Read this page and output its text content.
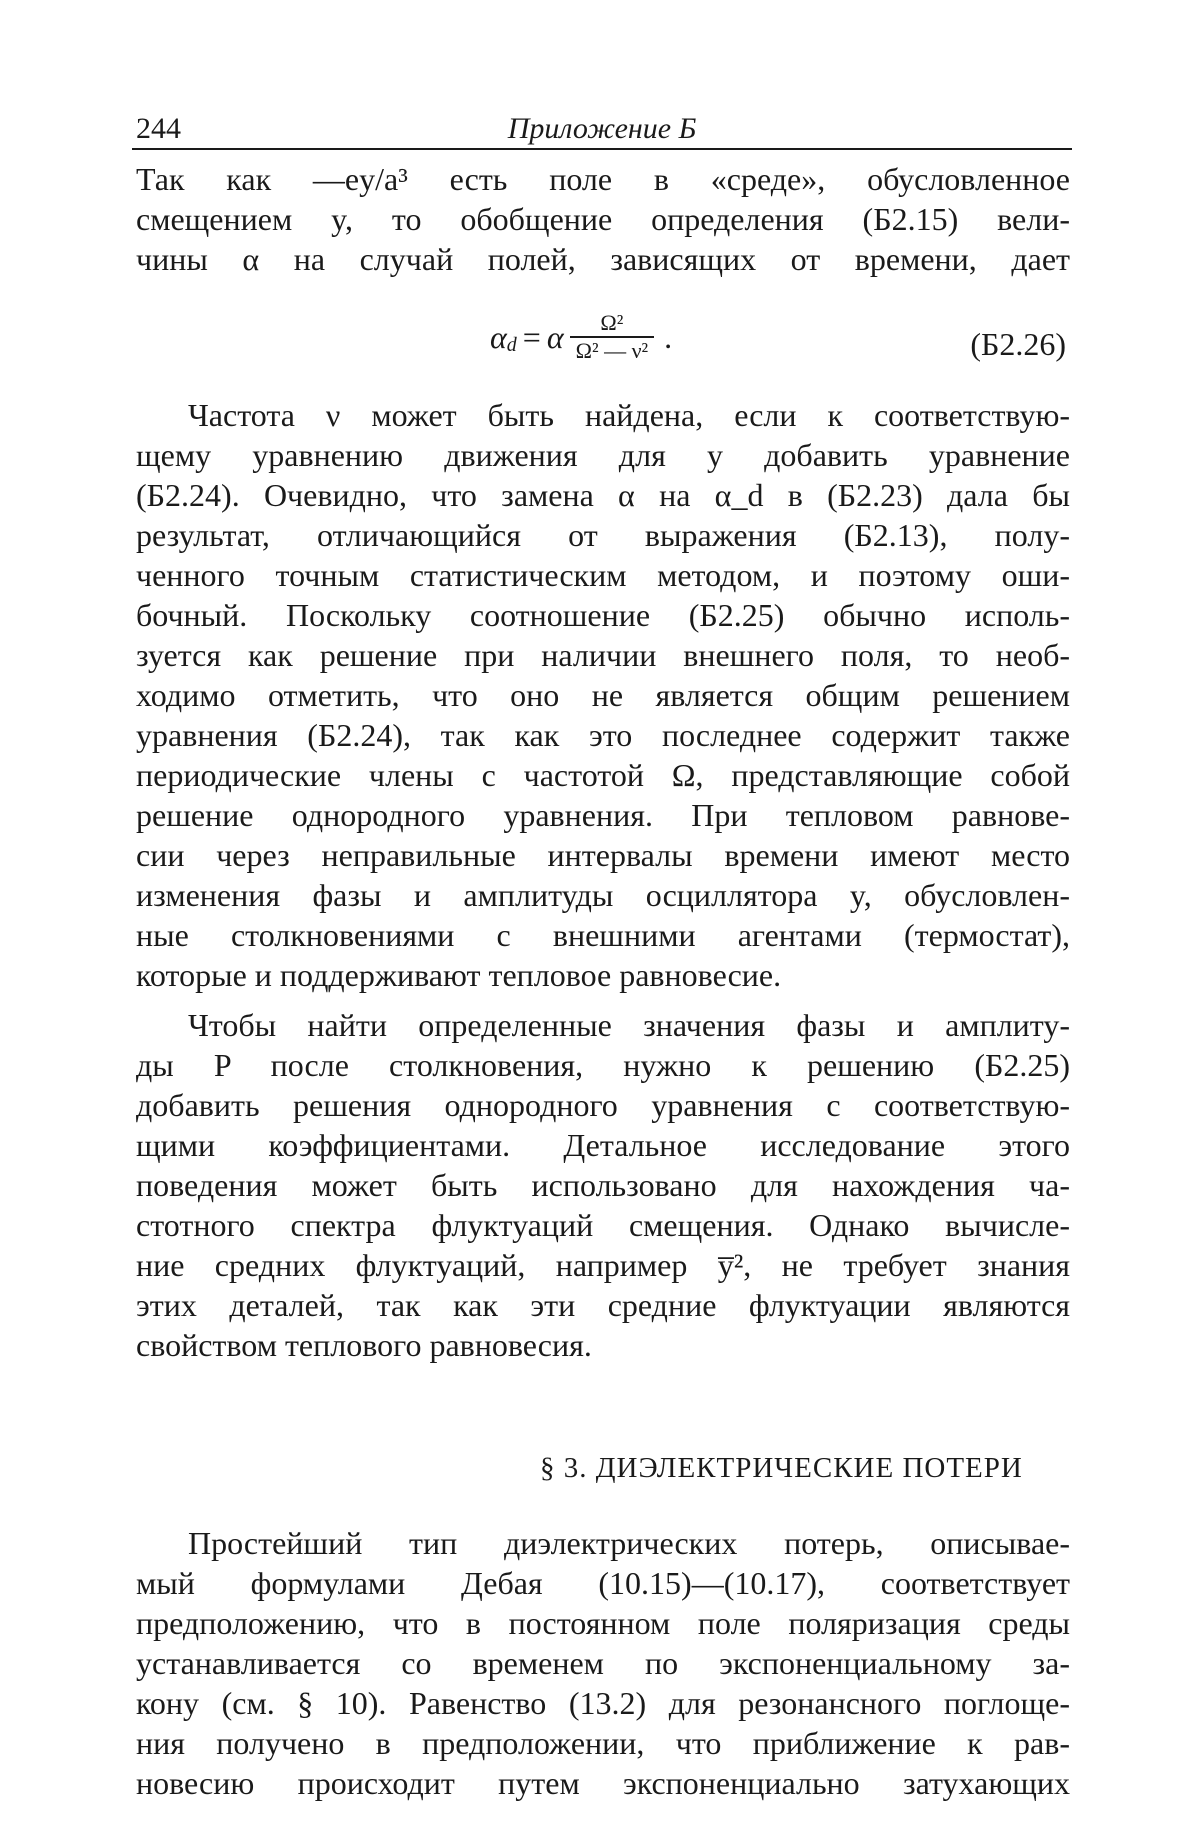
244	Приложение Б
Так как —ey/a³ есть поле в «среде», обусловленное
смещением y, то обобщение определения (Б2.15) вели-
чины α на случай полей, зависящих от времени, дает
α d = α $\frac{\text{Ω²}}{\text{Ω² — ν²}}$ .	(Б2.26)
Частота ν может быть найдена, если к соответствую-
щему уравнению движения для y добавить уравнение
(Б2.24). Очевидно, что замена α на α_d в (Б2.23) дала бы
результат, отличающийся от выражения (Б2.13), полу-
ченного точным статистическим методом, и поэтому оши-
бочный. Поскольку соотношение (Б2.25) обычно исполь-
зуется как решение при наличии внешнего поля, то необ-
ходимо отметить, что оно не является общим решением
уравнения (Б2.24), так как это последнее содержит также
периодические члены с частотой Ω, представляющие собой
решение однородного уравнения. При тепловом равнове-
сии через неправильные интервалы времени имеют место
изменения фазы и амплитуды осциллятора y, обусловлен-
ные столкновениями с внешними агентами (термостат),
которые и поддерживают тепловое равновесие.
Чтобы найти определенные значения фазы и амплиту-
ды P после столкновения, нужно к решению (Б2.25)
добавить решения однородного уравнения с соответствую-
щими коэффициентами. Детальное исследование этого
поведения может быть использовано для нахождения ча-
стотного спектра флуктуаций смещения. Однако вычисле-
ние средних флуктуаций, например y̅², не требует знания
этих деталей, так как эти средние флуктуации являются
свойством теплового равновесия.
§ 3. ДИЭЛЕКТРИЧЕСКИЕ ПОТЕРИ
Простейший тип диэлектрических потерь, описывае-
мый формулами Дебая (10.15)—(10.17), соответствует
предположению, что в постоянном поле поляризация среды
устанавливается со временем по экспоненциальному за-
кону (см. § 10). Равенство (13.2) для резонансного поглоще-
ния получено в предположении, что приближение к рав-
новесию происходит путем экспоненциально затухающих
